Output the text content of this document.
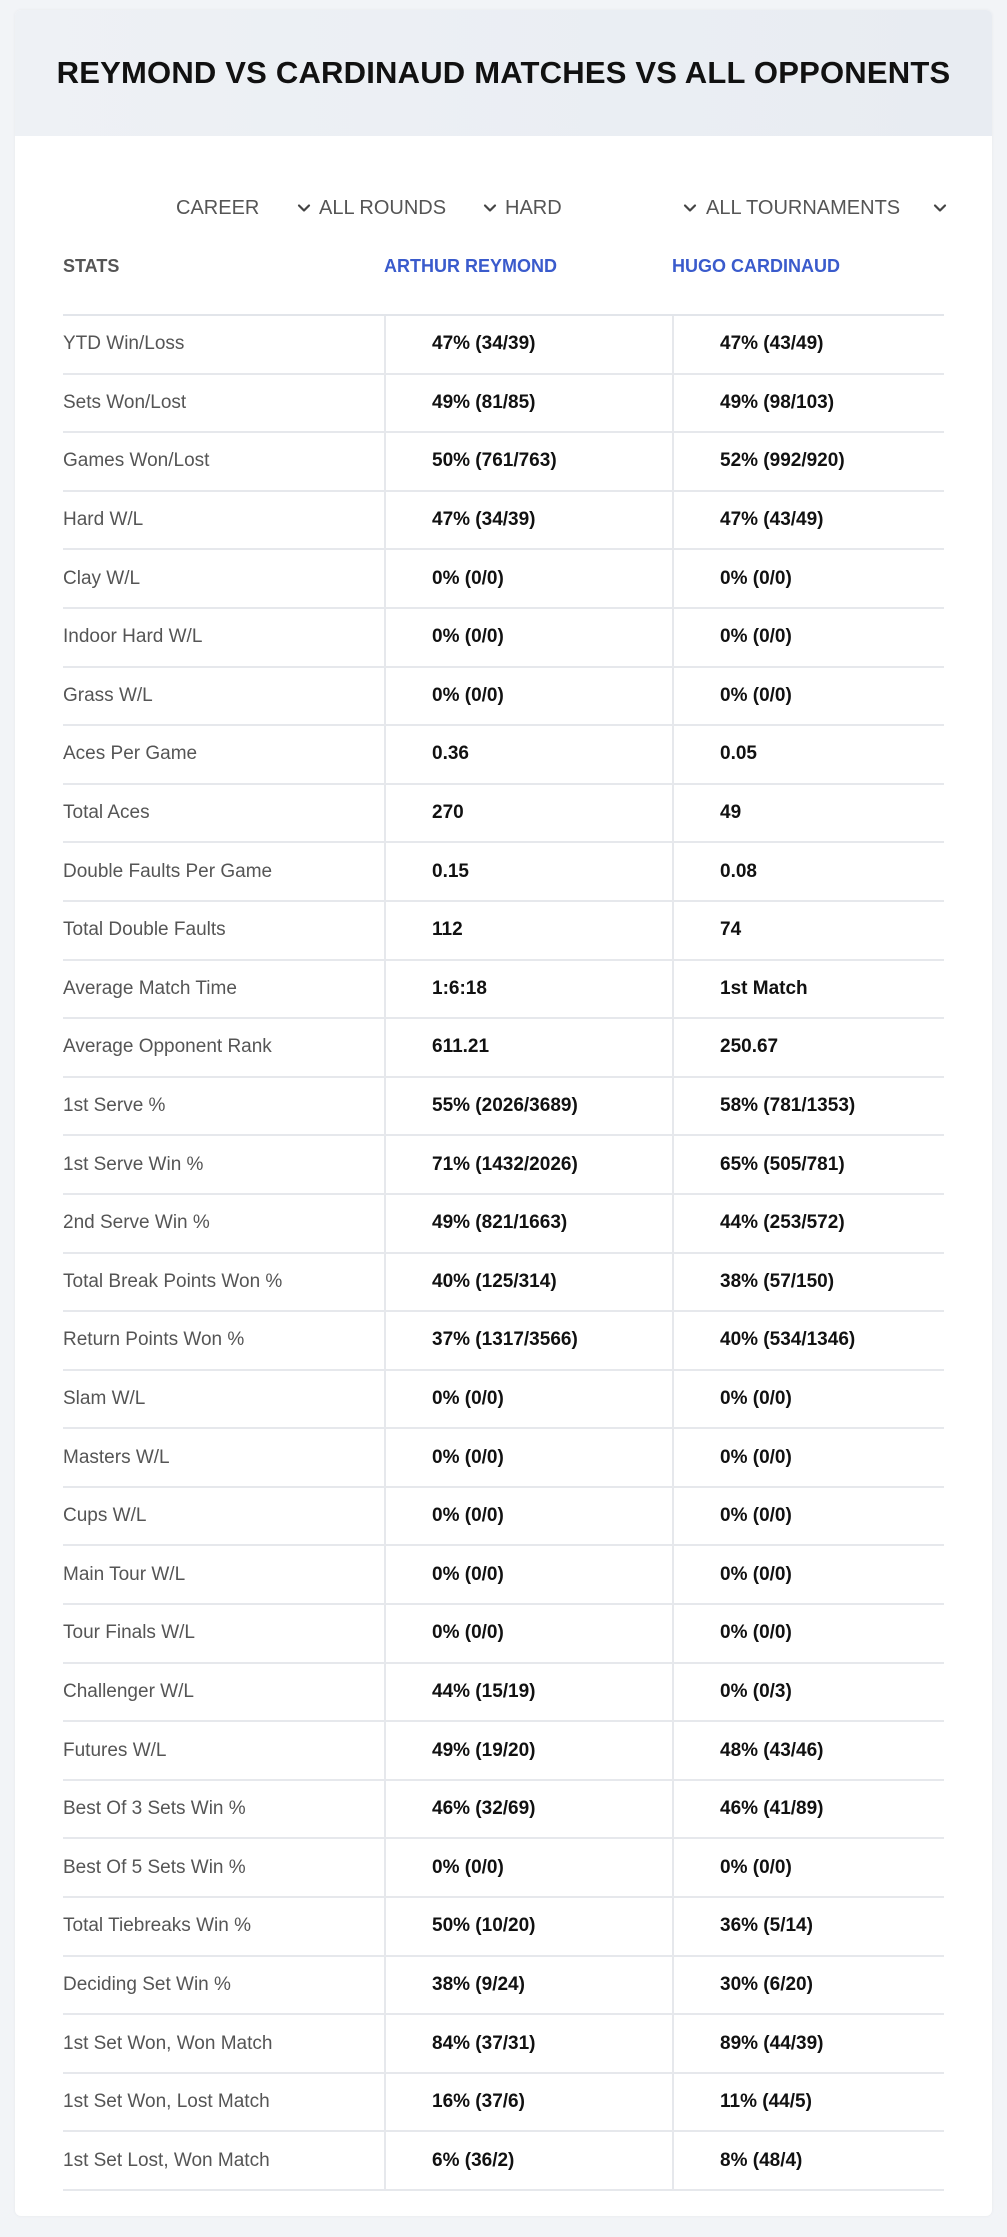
REYMOND VS CARDINAUD MATCHES VS ALL OPPONENTS
CAREER	ALL ROUNDS	HARD	ALL TOURNAMENTS
STATS	ARTHUR REYMOND	HUGO CARDINAUD
YTD Win/Loss	47% (34/39)	47% (43/49)
Sets Won/Lost	49% (81/85)	49% (98/103)
Games Won/Lost	50% (761/763)	52% (992/920)
Hard W/L	47% (34/39)	47% (43/49)
Clay W/L	0% (0/0)	0% (0/0)
Indoor Hard W/L	0% (0/0)	0% (0/0)
Grass W/L	0% (0/0)	0% (0/0)
Aces Per Game	0.36	0.05
Total Aces	270	49
Double Faults Per Game	0.15	0.08
Total Double Faults	112	74
Average Match Time	1:6:18	1st Match
Average Opponent Rank	611.21	250.67
1st Serve %	55% (2026/3689)	58% (781/1353)
1st Serve Win %	71% (1432/2026)	65% (505/781)
2nd Serve Win %	49% (821/1663)	44% (253/572)
Total Break Points Won %	40% (125/314)	38% (57/150)
Return Points Won %	37% (1317/3566)	40% (534/1346)
Slam W/L	0% (0/0)	0% (0/0)
Masters W/L	0% (0/0)	0% (0/0)
Cups W/L	0% (0/0)	0% (0/0)
Main Tour W/L	0% (0/0)	0% (0/0)
Tour Finals W/L	0% (0/0)	0% (0/0)
Challenger W/L	44% (15/19)	0% (0/3)
Futures W/L	49% (19/20)	48% (43/46)
Best Of 3 Sets Win %	46% (32/69)	46% (41/89)
Best Of 5 Sets Win %	0% (0/0)	0% (0/0)
Total Tiebreaks Win %	50% (10/20)	36% (5/14)
Deciding Set Win %	38% (9/24)	30% (6/20)
1st Set Won, Won Match	84% (37/31)	89% (44/39)
1st Set Won, Lost Match	16% (37/6)	11% (44/5)
1st Set Lost, Won Match	6% (36/2)	8% (48/4)
